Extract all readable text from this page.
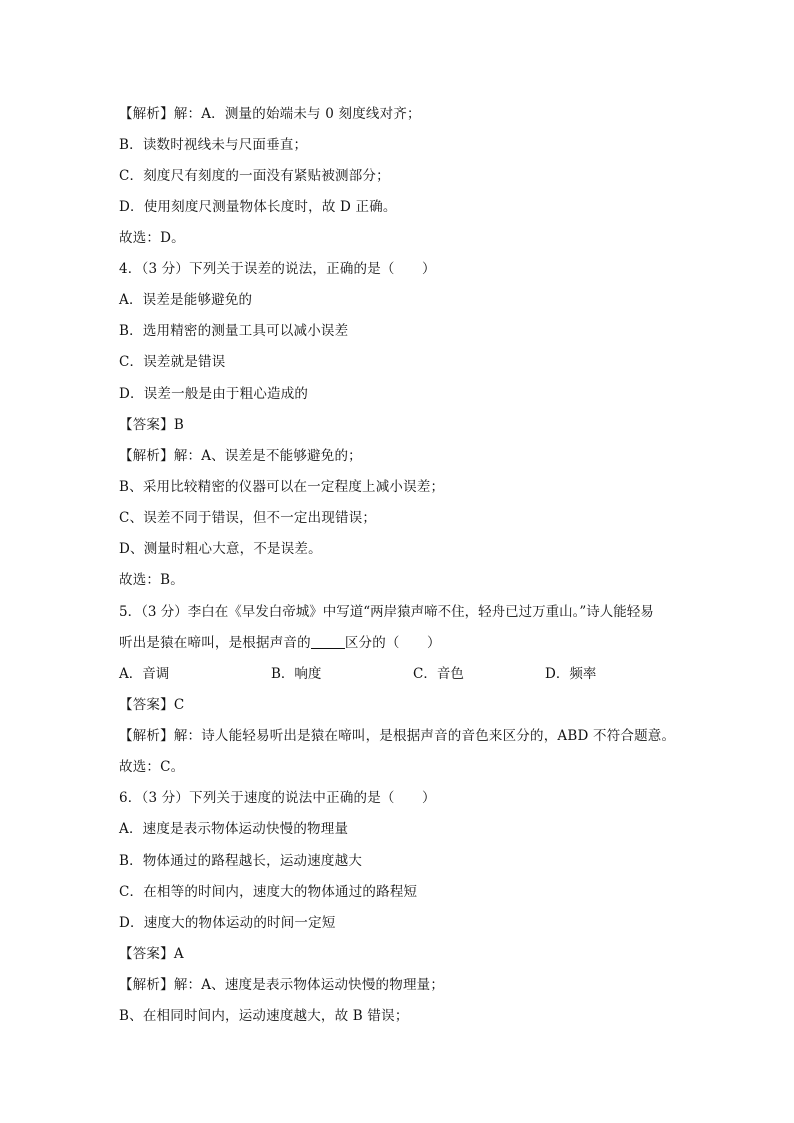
【解析】解：A．测量的始端未与 0 刻度线对齐；
B．读数时视线未与尺面垂直；
C．刻度尺有刻度的一面没有紧贴被测部分；
D．使用刻度尺测量物体长度时，故 D 正确。
故选：D。
4．（3 分）下列关于误差的说法，正确的是（　　）
A．误差是能够避免的
B．选用精密的测量工具可以减小误差
C．误差就是错误
D．误差一般是由于粗心造成的
【答案】B
【解析】解：A、误差是不能够避免的；
B、采用比较精密的仪器可以在一定程度上减小误差；
C、误差不同于错误，但不一定出现错误；
D、测量时粗心大意，不是误差。
故选：B。
5．（3 分）李白在《早发白帝城》中写道“两岸猿声啼不住，轻舟已过万重山。”诗人能轻易
听出是猿在啼叫，是根据声音的	区分的（　　）
A．音调	B．响度	C．音色	D．频率
【答案】C
【解析】解：诗人能轻易听出是猿在啼叫，是根据声音的音色来区分的，ABD 不符合题意。
故选：C。
6．（3 分）下列关于速度的说法中正确的是（　　）
A．速度是表示物体运动快慢的物理量
B．物体通过的路程越长，运动速度越大
C．在相等的时间内，速度大的物体通过的路程短
D．速度大的物体运动的时间一定短
【答案】A
【解析】解：A、速度是表示物体运动快慢的物理量；
B、在相同时间内，运动速度越大，故 B 错误；
